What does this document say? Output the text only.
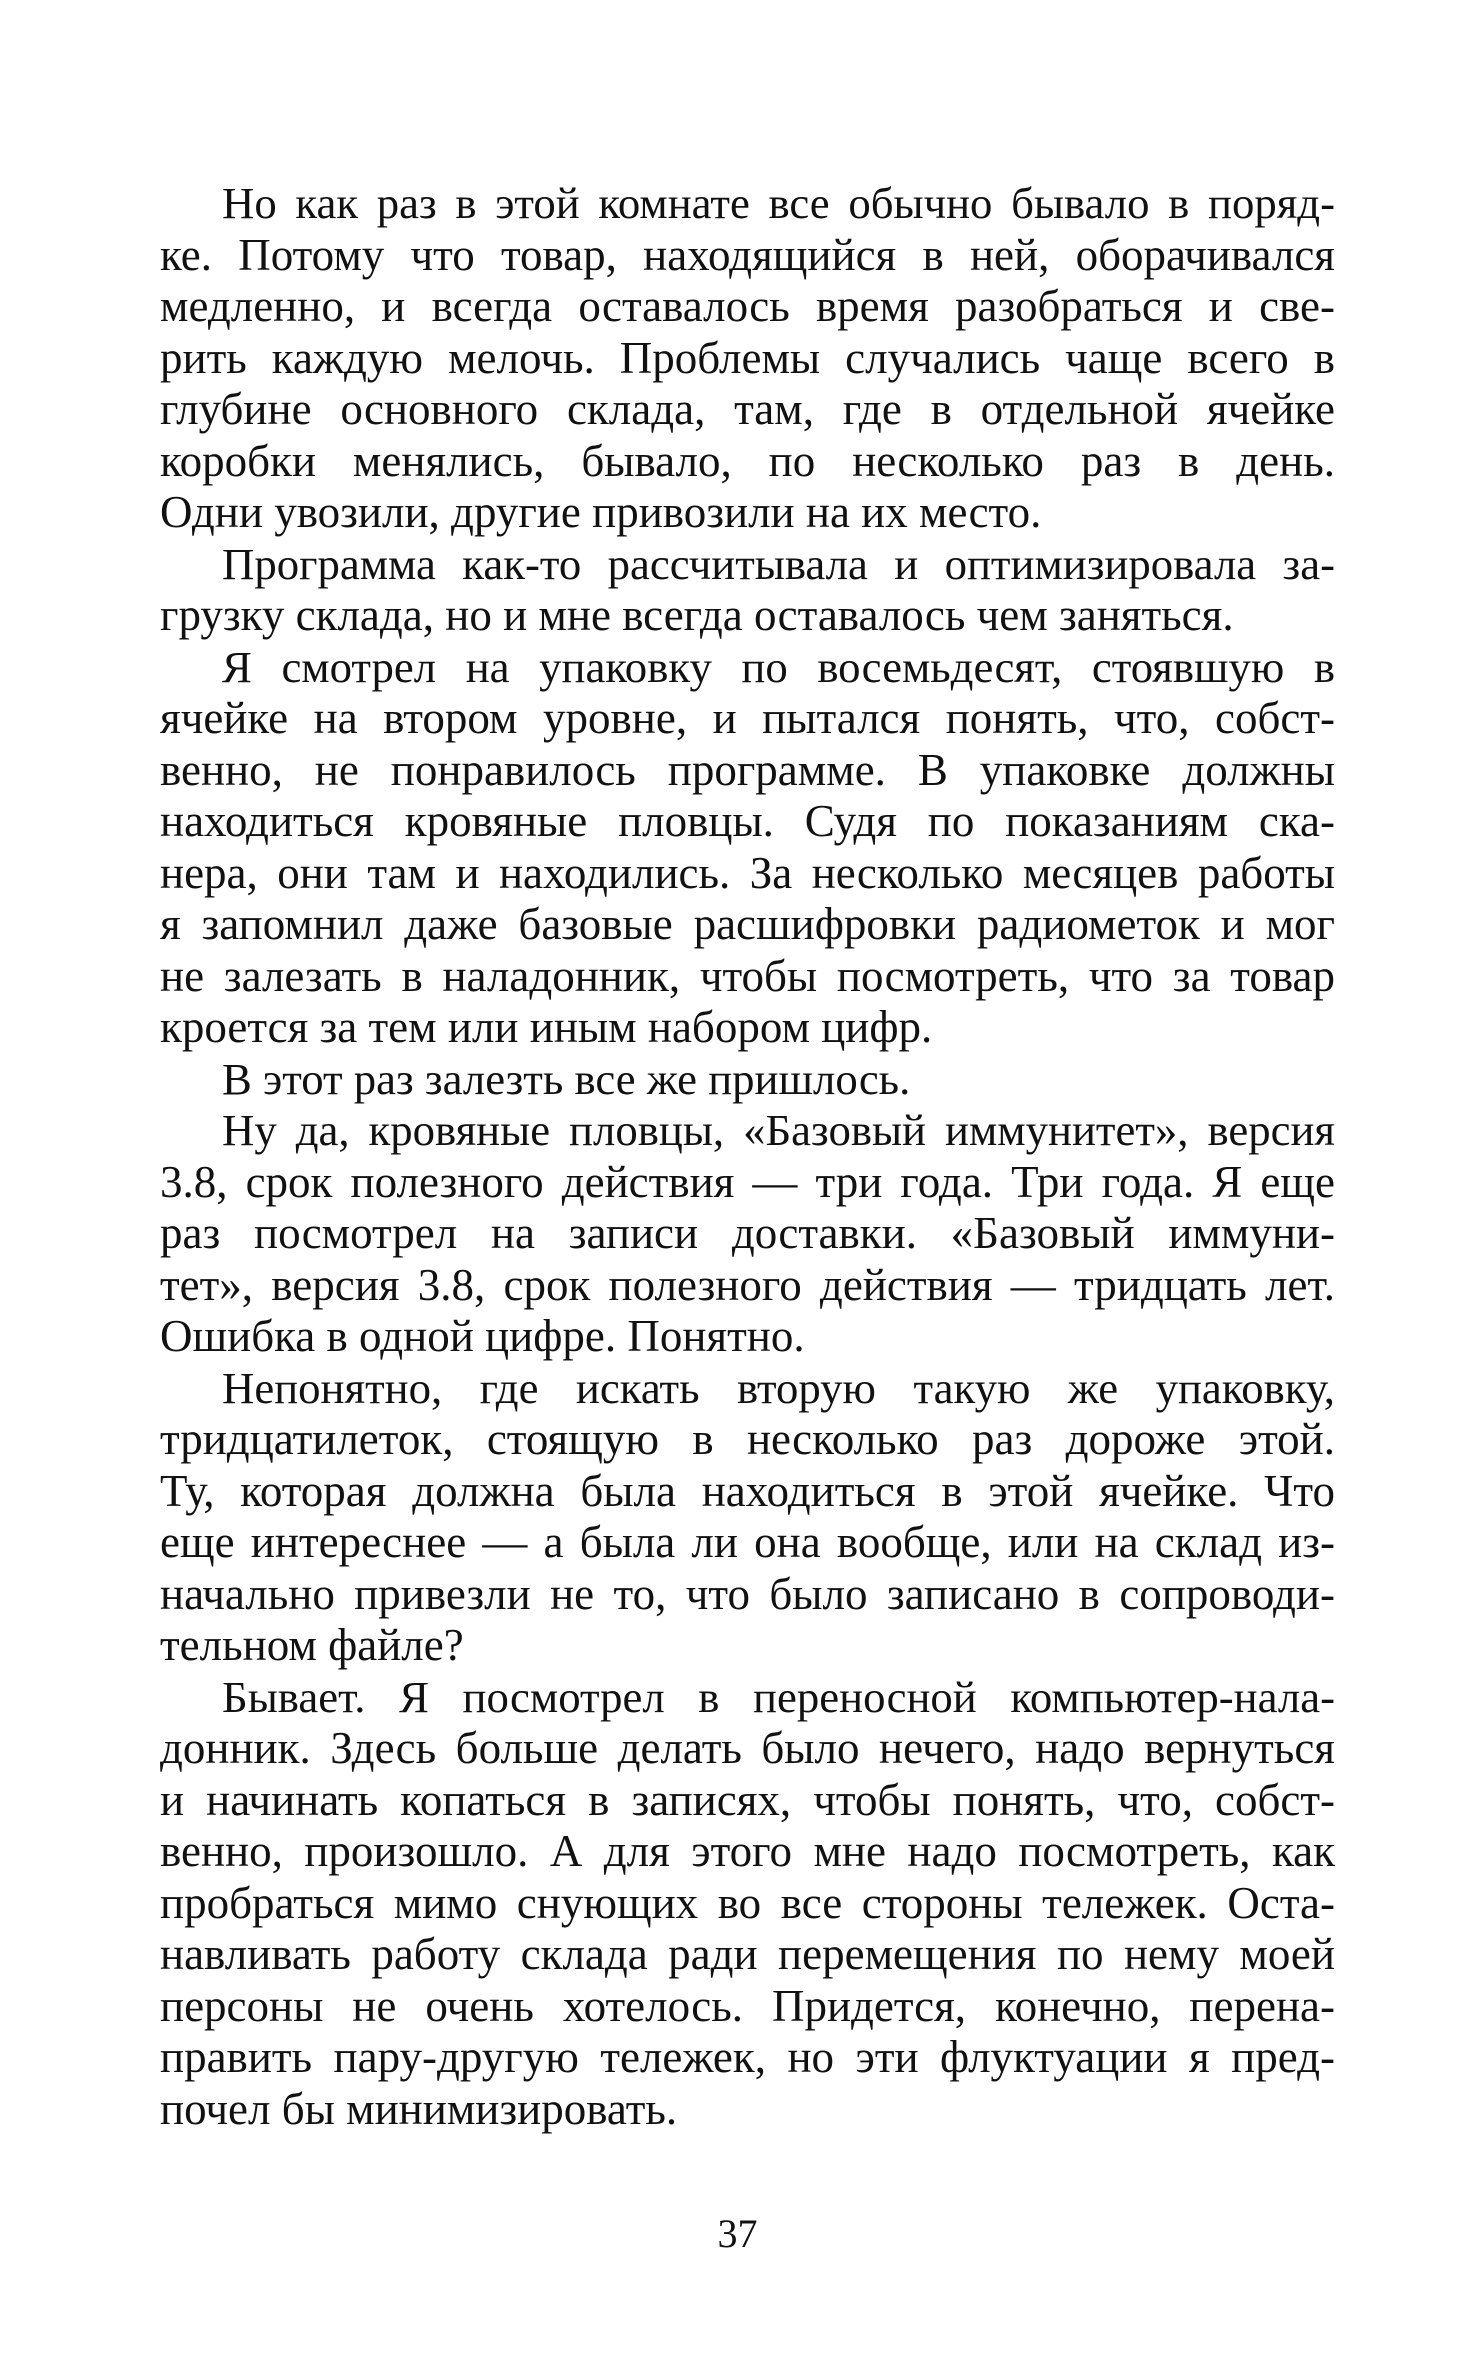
Но как раз в этой комнате все обычно бывало в поряд-
ке. Потому что товар, находящийся в ней, оборачивался
медленно, и всегда оставалось время разобраться и све-
рить каждую мелочь. Проблемы случались чаще всего в
глубине основного склада, там, где в отдельной ячейке
коробки менялись, бывало, по несколько раз в день.
Одни увозили, другие привозили на их место.
Программа как-то рассчитывала и оптимизировала за-
грузку склада, но и мне всегда оставалось чем заняться.
Я смотрел на упаковку по восемьдесят, стоявшую в
ячейке на втором уровне, и пытался понять, что, собст-
венно, не понравилось программе. В упаковке должны
находиться кровяные пловцы. Судя по показаниям ска-
нера, они там и находились. За несколько месяцев работы
я запомнил даже базовые расшифровки радиометок и мог
не залезать в наладонник, чтобы посмотреть, что за товар
кроется за тем или иным набором цифр.
В этот раз залезть все же пришлось.
Ну да, кровяные пловцы, «Базовый иммунитет», версия
3.8, срок полезного действия — три года. Три года. Я еще
раз посмотрел на записи доставки. «Базовый иммуни-
тет», версия 3.8, срок полезного действия — тридцать лет.
Ошибка в одной цифре. Понятно.
Непонятно, где искать вторую такую же упаковку,
тридцатилеток, стоящую в несколько раз дороже этой.
Ту, которая должна была находиться в этой ячейке. Что
еще интереснее — а была ли она вообще, или на склад из-
начально привезли не то, что было записано в сопроводи-
тельном файле?
Бывает. Я посмотрел в переносной компьютер-нала-
донник. Здесь больше делать было нечего, надо вернуться
и начинать копаться в записях, чтобы понять, что, собст-
венно, произошло. А для этого мне надо посмотреть, как
пробраться мимо снующих во все стороны тележек. Оста-
навливать работу склада ради перемещения по нему моей
персоны не очень хотелось. Придется, конечно, перена-
править пару-другую тележек, но эти флуктуации я пред-
почел бы минимизировать.
37
